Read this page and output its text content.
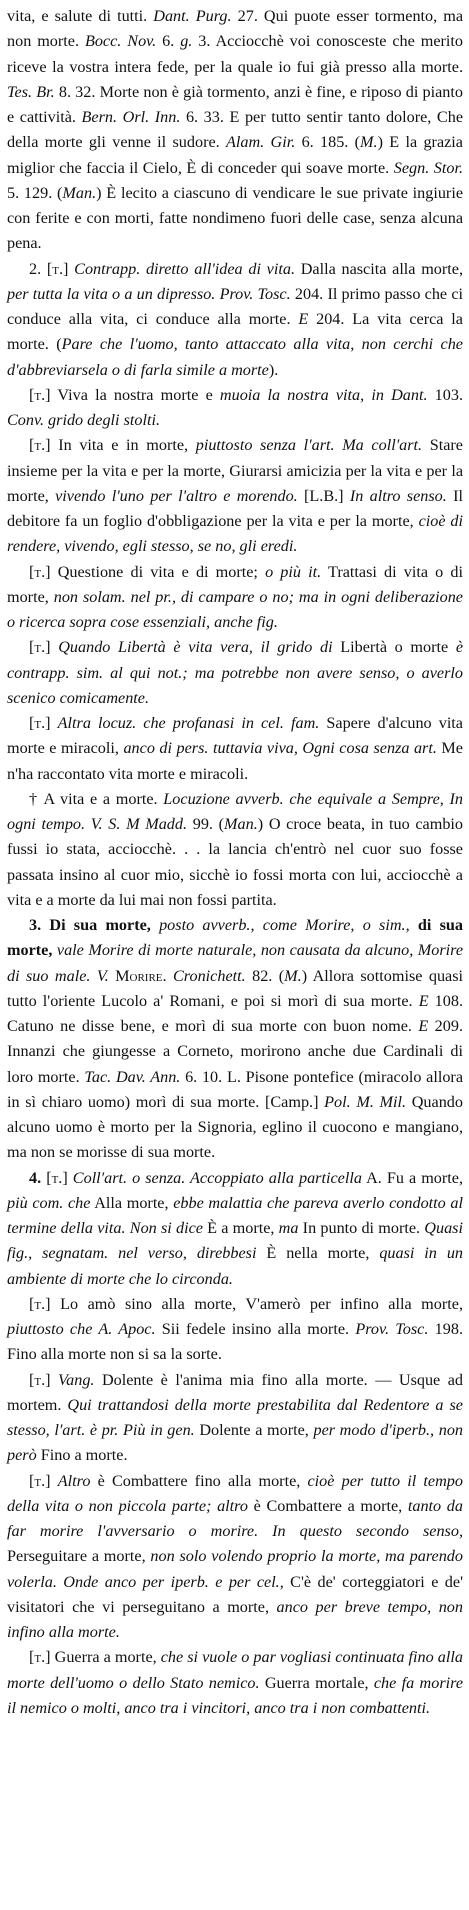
vita, e salute di tutti. Dant. Purg. 27. Qui puote esser tormento, ma non morte. Bocc. Nov. 6. g. 3. Acciocchè voi conosceste che merito riceve la vostra intera fede, per la quale io fui già presso alla morte. Tes. Br. 8. 32. Morte non è già tormento, anzi è fine, e riposo di pianto e cattività. Bern. Orl. Inn. 6. 33. E per tutto sentir tanto dolore, Che della morte gli venne il sudore. Alam. Gir. 6. 185. (M.) E la grazia miglior che faccia il Cielo, È di conceder qui soave morte. Segn. Stor. 5. 129. (Man.) È lecito a ciascuno di vendicare le sue private ingiurie con ferite e con morti, fatte nondimeno fuori delle case, senza alcuna pena.

2. [t.] Contrapp. diretto all'idea di vita. Dalla nascita alla morte, per tutta la vita o a un dipresso. Prov. Tosc. 204. Il primo passo che ci conduce alla vita, ci conduce alla morte. E 204. La vita cerca la morte. (Pare che l'uomo, tanto attaccato alla vita, non cerchi che d'abbreviarsela o di farla simile a morte).

[t.] Viva la nostra morte e muoia la nostra vita, in Dant. 103. Conv. grido degli stolti.

[t.] In vita e in morte, piuttosto senza l'art. Ma coll'art. Stare insieme per la vita e per la morte, Giurarsi amicizia per la vita e per la morte, vivendo l'uno per l'altro e morendo. [L.B.] In altro senso. Il debitore fa un foglio d'obbligazione per la vita e per la morte, cioè di rendere, vivendo, egli stesso, se no, gli eredi.

[t.] Questione di vita e di morte; o più it. Trattasi di vita o di morte, non solam. nel pr., di campare o no; ma in ogni deliberazione o ricerca sopra cose essenziali, anche fig.

[t.] Quando Libertà è vita vera, il grido di Libertà o morte è contrapp. sim. al qui not.; ma potrebbe non avere senso, o averlo scenico comicamente.

[t.] Altra locuz. che profanasi in cel. fam. Sapere d'alcuno vita morte e miracoli, anco di pers. tuttavia viva, Ogni cosa senza art. Me n'ha raccontato vita morte e miracoli.

† A vita e a morte. Locuzione avverb. che equivale a Sempre, In ogni tempo. V. S. M Madd. 99. (Man.) O croce beata, in tuo cambio fussi io stata, acciocchè. . . la lancia ch'entrò nel cuor suo fosse passata insino al cuor mio, sicchè io fossi morta con lui, acciocchè a vita e a morte da lui mai non fossi partita.

3. Di sua morte, posto avverb., come Morire, o sim., di sua morte, vale Morire di morte naturale, non causata da alcuno, Morire di suo male. V. Morire. Cronichett. 82. (M.) Allora sottomise quasi tutto l'oriente Lucolo a' Romani, e poi si morì di sua morte. E 108. Catuno ne disse bene, e morì di sua morte con buon nome. E 209. Innanzi che giungesse a Corneto, morirono anche due Cardinali di loro morte. Tac. Dav. Ann. 6. 10. L. Pisone pontefice (miracolo allora in sì chiaro uomo) morì di sua morte. [Camp.] Pol. M. Mil. Quando alcuno uomo è morto per la Signoria, eglino il cuocono e mangiano, ma non se morisse di sua morte.

4. [t.] Coll'art. o senza. Accoppiato alla particella A. Fu a morte, più com. che Alla morte, ebbe malattia che pareva averlo condotto al termine della vita. Non si dice È a morte, ma In punto di morte. Quasi fig., segnatam. nel verso, direbbesi È nella morte, quasi in un ambiente di morte che lo circonda.

[t.] Lo amò sino alla morte, V'amerò per infino alla morte, piuttosto che A. Apoc. Sii fedele insino alla morte. Prov. Tosc. 198. Fino alla morte non si sa la sorte.

[t.] Vang. Dolente è l'anima mia fino alla morte. — Usque ad mortem. Qui trattandosi della morte prestabilita dal Redentore a se stesso, l'art. è pr. Più in gen. Dolente a morte, per modo d'iperb., non però Fino a morte.

[t.] Altro è Combattere fino alla morte, cioè per tutto il tempo della vita o non piccola parte; altro è Combattere a morte, tanto da far morire l'avversario o morire. In questo secondo senso, Perseguitare a morte, non solo volendo proprio la morte, ma parendo volerla. Onde anco per iperb. e per cel., C'è de' corteggiatori e de' visitatori che vi perseguitano a morte, anco per breve tempo, non infino alla morte.

[t.] Guerra a morte, che si vuole o par vogliasi continuata fino alla morte dell'uomo o dello Stato nemico. Guerra mortale, che fa morire il nemico o molti, anco tra i vincitori, anco tra i non combattenti.
